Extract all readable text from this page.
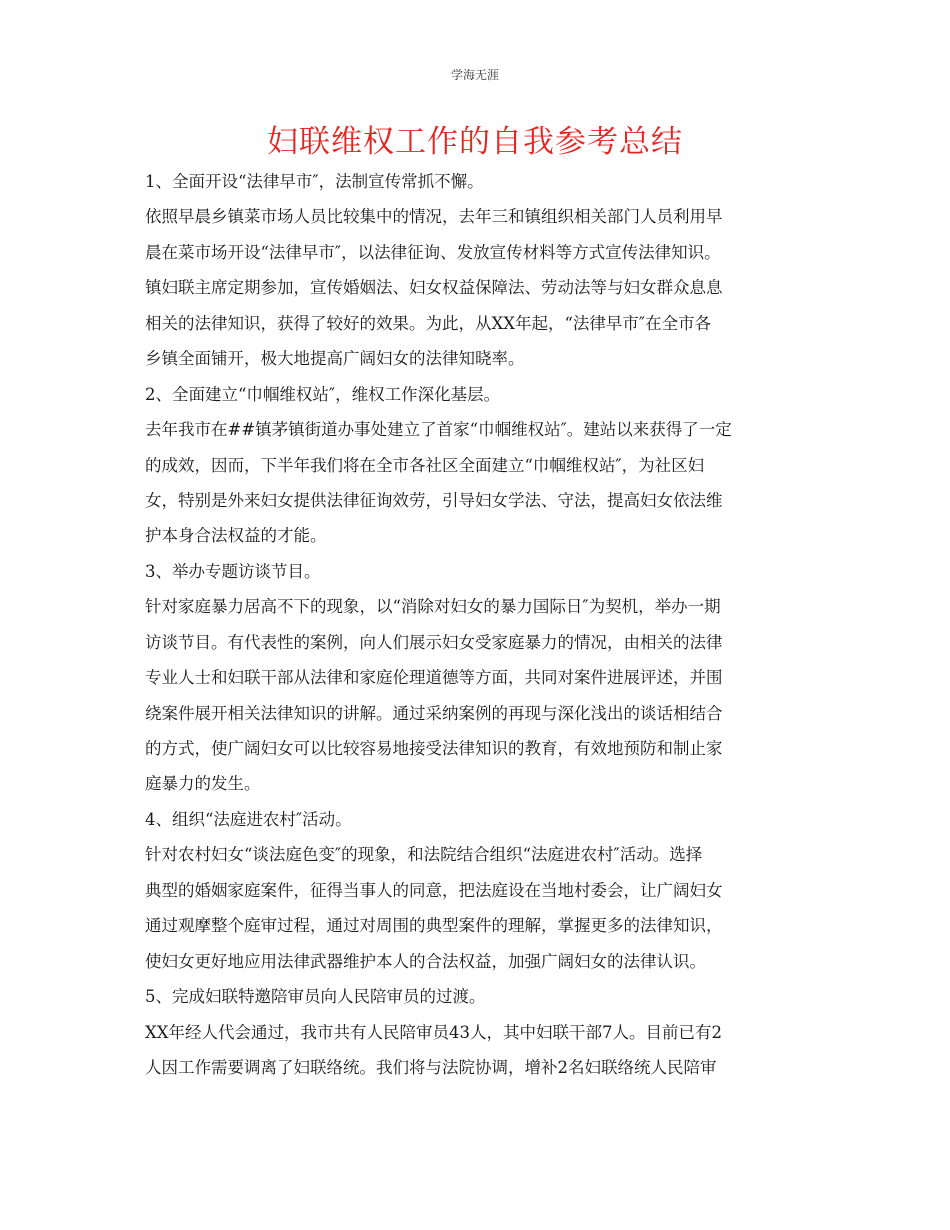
学海无涯
妇联维权工作的自我参考总结
1、全面开设“法律早市″，法制宣传常抓不懈。
依照早晨乡镇菜市场人员比较集中的情况，去年三和镇组织相关部门人员利用早
晨在菜市场开设“法律早市″，以法律征询、发放宣传材料等方式宣传法律知识。
镇妇联主席定期参加，宣传婚姻法、妇女权益保障法、劳动法等与妇女群众息息
相关的法律知识，获得了较好的效果。为此，从XX年起，“法律早市″在全市各
乡镇全面铺开，极大地提高广阔妇女的法律知晓率。
2、全面建立“巾帼维权站″，维权工作深化基层。
去年我市在##镇茅镇街道办事处建立了首家“巾帼维权站″。建站以来获得了一定
的成效，因而，下半年我们将在全市各社区全面建立“巾帼维权站″，为社区妇
女，特别是外来妇女提供法律征询效劳，引导妇女学法、守法，提高妇女依法维
护本身合法权益的才能。
3、举办专题访谈节目。
针对家庭暴力居高不下的现象，以“消除对妇女的暴力国际日″为契机，举办一期
访谈节目。有代表性的案例，向人们展示妇女受家庭暴力的情况，由相关的法律
专业人士和妇联干部从法律和家庭伦理道德等方面，共同对案件进展评述，并围
绕案件展开相关法律知识的讲解。通过采纳案例的再现与深化浅出的谈话相结合
的方式，使广阔妇女可以比较容易地接受法律知识的教育，有效地预防和制止家
庭暴力的发生。
4、组织“法庭进农村″活动。
针对农村妇女“谈法庭色变″的现象，和法院结合组织“法庭进农村″活动。选择
典型的婚姻家庭案件，征得当事人的同意，把法庭设在当地村委会，让广阔妇女
通过观摩整个庭审过程，通过对周围的典型案件的理解，掌握更多的法律知识，
使妇女更好地应用法律武器维护本人的合法权益，加强广阔妇女的法律认识。
5、完成妇联特邀陪审员向人民陪审员的过渡。
XX年经人代会通过，我市共有人民陪审员43人，其中妇联干部7人。目前已有2
人因工作需要调离了妇联络统。我们将与法院协调，增补2名妇联络统人民陪审
